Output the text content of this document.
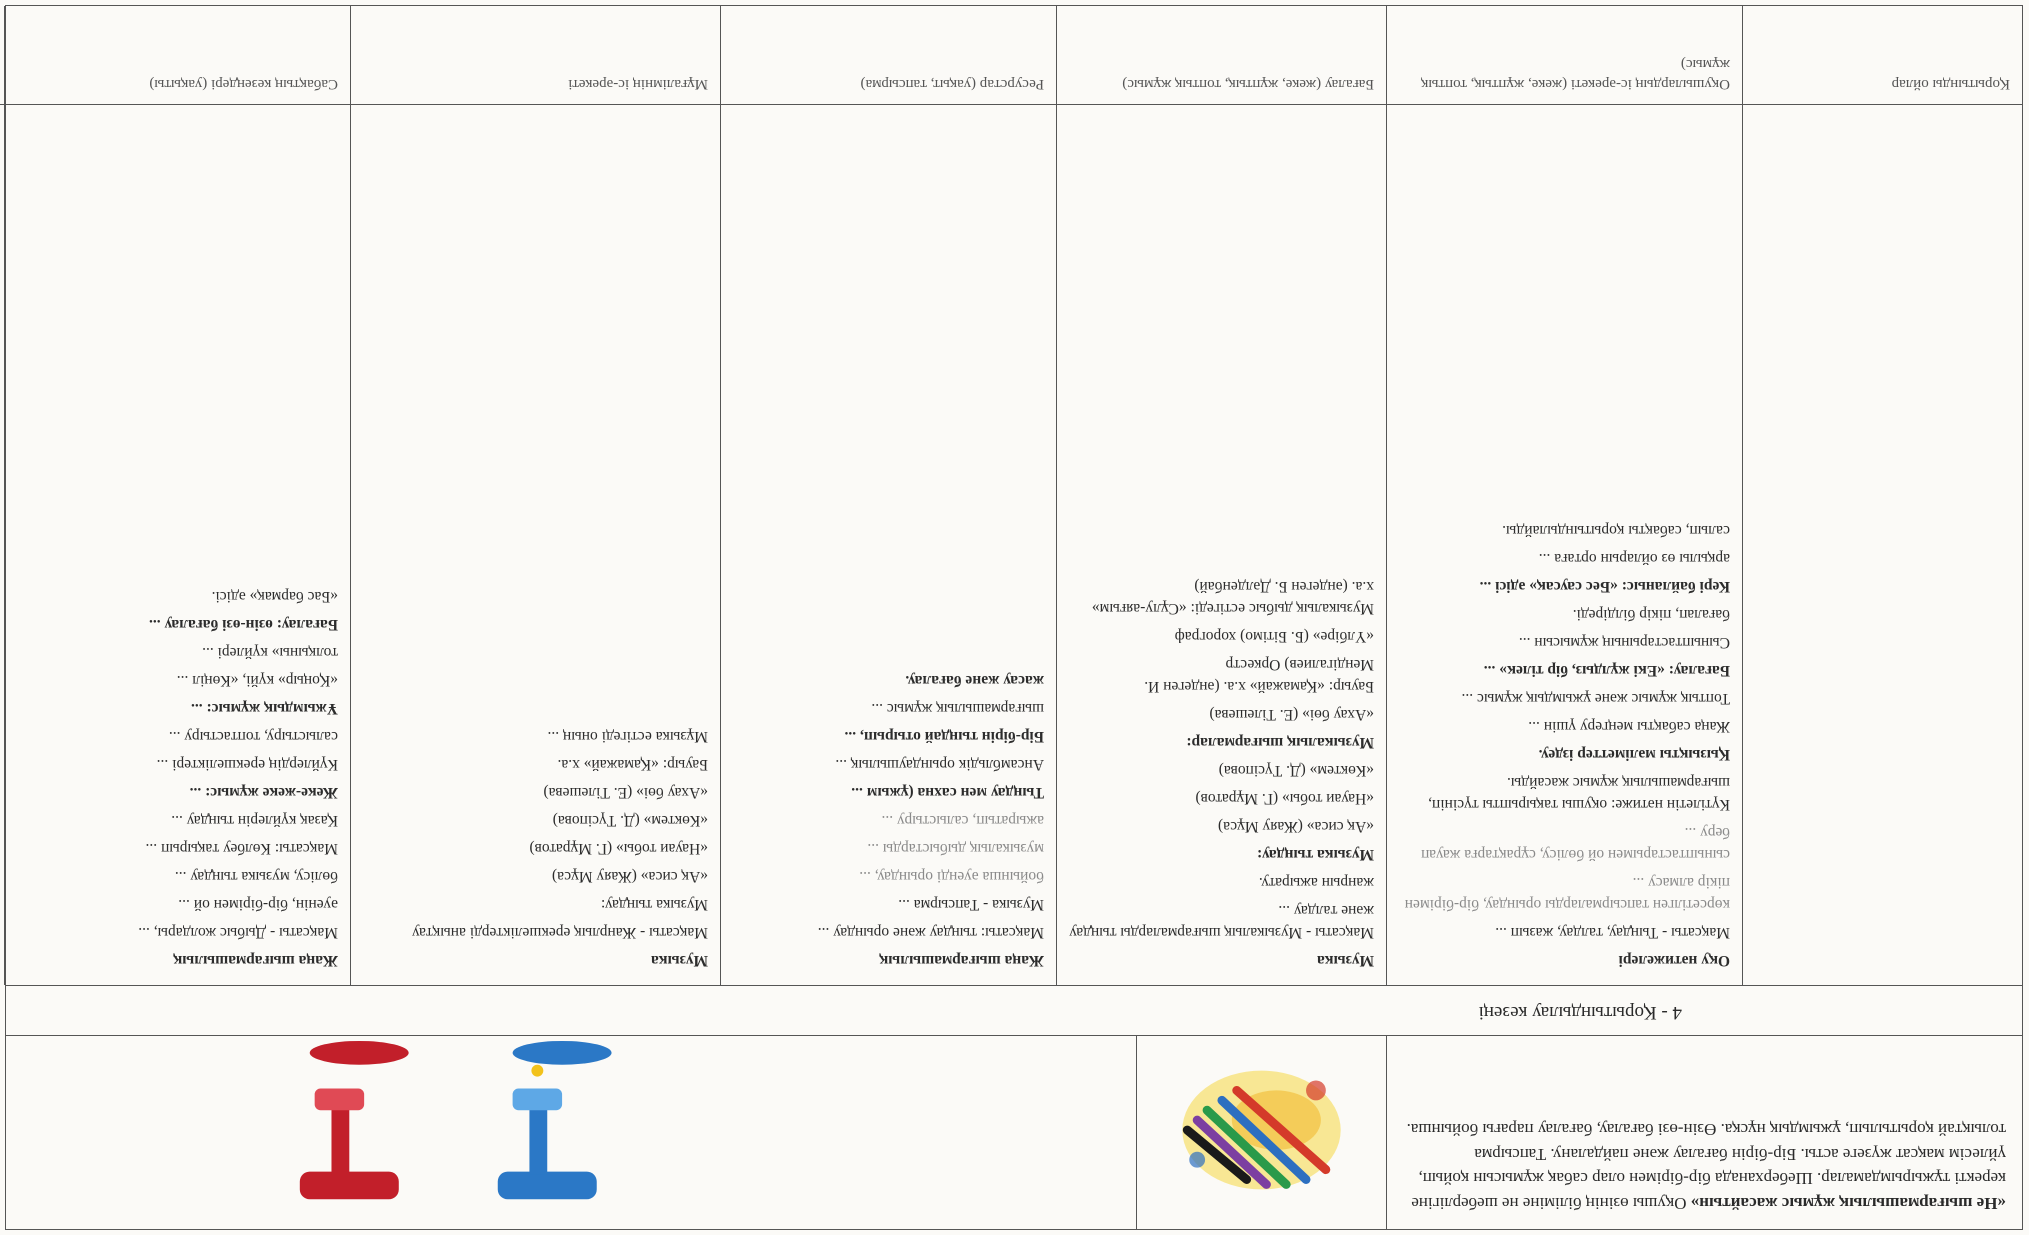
«Не шығармашылық жұмыс жасайтын» Оқушы өзінің біліміне не шеберлігіне керекті тұжырымдамалар. Шеберханада бір-бірімен олар сабақ жұмысын қойып, үйлесім мақсат жүзеге асты. Бір-бірін бағалау және пайдалану. Тапсырма толықтай қорытылып, ұжымдық нұсқа. Өзін-өзі бағалау, бағалау парағы бойынша.
4 - Қорытындылау кезеңі
Қорытынды ойлар

Оқу нәтижелері

Мақсаты - Тыңдау, талдау, жазып ...

көрсетілген тапсырмаларды орындау, бір-бірімен пікір алмасу ...

сыныптастарымен ой бөлісу, сұрақтарға жауап беру ...

Күтілетін нәтиже: оқушы тақырыпты түсініп, шығармашылық жұмыс жасайды.

Қызықты мәліметтер іздеу.

Жаңа сабақты меңгеру үшін ...

Топтық жұмыс және ұжымдық жұмыс ...

Бағалау: «Екі жұлдыз, бір тілек» ...

Сыныптастарының жұмысын ...

бағалап, пікір білдіреді.

Кері байланыс: «Бес саусақ» әдісі ...

арқылы өз ойларын ортаға ...

салып, сабақты қорытындылайды.

Оқушылардың іс-әрекеті (жеке, жұптық, топтық жұмыс)

Музыка

Мақсаты - Музыкалық шығармаларды тыңдау және талдау ...

жанрын ажырату.

Музыка тыңдау:

«Ақ сиса» (Жаяу Мұса)

«Науаи тобы» (Г. Мұратов)

«Көктем» (Д. Түсіпова)

Музыкалық шығармалар:

«Ахау бөі» (Е. Тілешева)

Бауыр: «Қамажай» х.а. (әндеген И. Мендігалиев) Оркестр

«Үлбіре» (Б. Бітімо) хорограф

Музыкалық дыбыс естігеді: «Сұлу-аяғым» х.а. (әндеген Б. Дәлденбай)

Бағалау (жеке, жұптық, топтық жұмыс)

Жаңа шығармашылық

Мақсаты: тыңдау және орындау ...

Музыка - Тапсырма ...

бойынша әуенді орындау, ...

музыкалық дыбыстарды ...

ажыратып, салыстыру ...

Тыңдау мен сахна (ұжым ...

Ансамбльдік орындаушылық ...

Бір-бірін тыңдай отырып, ...

шығармашылық жұмыс ...

жасау және бағалау.

Ресурстар (уақыт, тапсырма)

Музыка

Мақсаты - Жанрлық ерекшеліктерді анықтау

Музыка тыңдау:

«Ақ сиса» (Жаяу Мұса)

«Науаи тобы» (Г. Мұратов)

«Көктем» (Д. Түсіпова)

«Ахау бөі» (Е. Тілешева)

Бауыр: «Қамажай» х.а.

Мұзыка естігеді оның ...

Мұғалімнің іс-әрекеті

Жаңа шығармашылық

Мақсаты - Дыбыс жолдары, ...

әуенін, бір-бірімен ой ...

бөлісу, музыка тыңдау ...

Мақсаты: Көлбеу тақырып ...

Қазақ күйлерін тыңдау ...

Жеке-жеке жұмыс: ...

Күйлердің ерекшеліктері ...

салыстыру, топтастыру ...

Ұжымдық жұмыс: ...

«Қоңыр» күйі, «Көңіл ...

толқыны» күйлері ...

Бағалау: өзін-өзі бағалау ...

«Бас бармақ» әдісі.

Сабақтың кезеңдері (уақыты)
